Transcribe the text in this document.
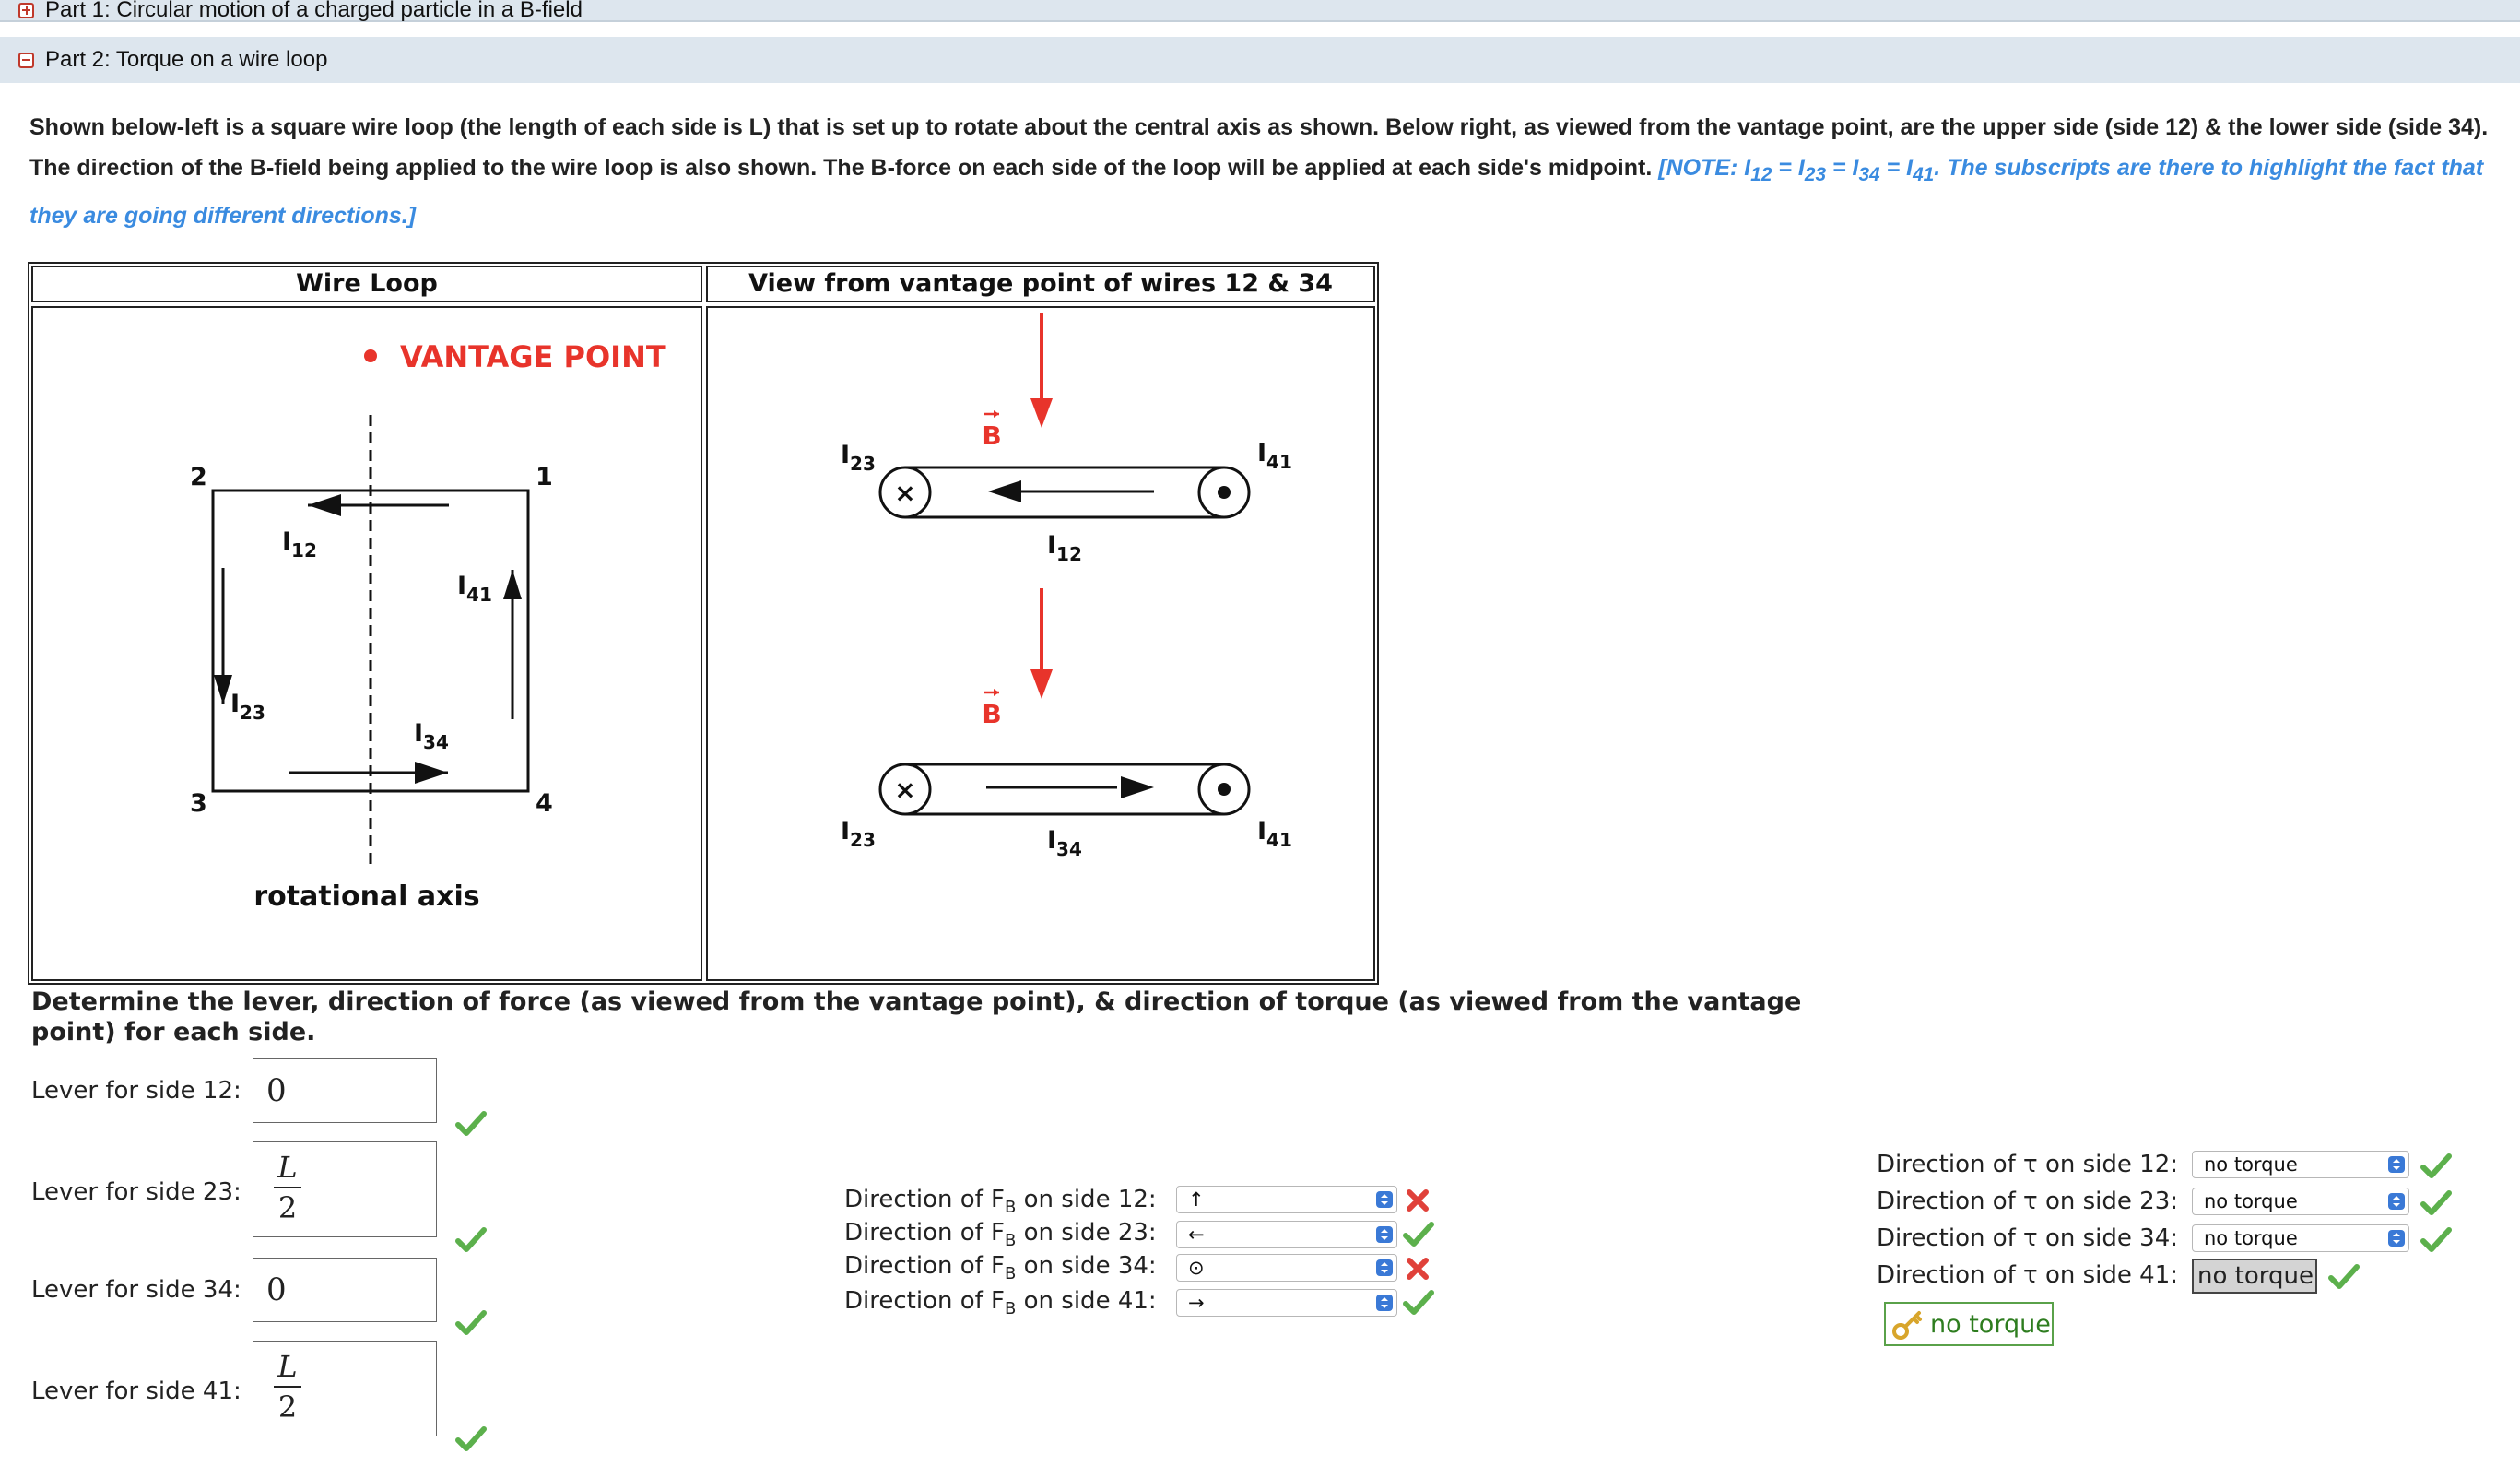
Part 1: Circular motion of a charged particle in a B-field
Part 2: Torque on a wire loop
Shown below-left is a square wire loop (the length of each side is L) that is set up to rotate about the central axis as shown. Below right, as viewed from the vantage point, are the upper side (side 12) & the lower side (side 34). The direction of the B-field being applied to the wire loop is also shown. The B-force on each side of the loop will be applied at each side's midpoint. [NOTE: $I_{12} = I_{23} = I_{34} = I_{41}$. The subscripts are there to highlight the fact that they are going different directions.]
Wire Loop	View from vantage point of wires 12 & 34
VANTAGE POINT
2	1
3	4
$I_{12}$
$I_{23}$
$I_{41}$
$I_{34}$
rotational axis
B
×
$I_{23}$	$I_{41}$
$I_{12}$
B
×
$I_{23}$	$I_{41}$
$I_{34}$
Determine the lever, direction of force (as viewed from the vantage point), & direction of torque (as viewed from the vantage point) for each side.
Lever for side 12: 0
Lever for side 23: $\frac{L}{2}$
Lever for side 34: 0
Lever for side 41: $\frac{L}{2}$
Direction of $F_B$ on side 12:	↑
Direction of $F_B$ on side 23:	←
Direction of $F_B$ on side 34:	⊙
Direction of $F_B$ on side 41:	→
Direction of τ on side 12:	no torque
Direction of τ on side 23:	no torque
Direction of τ on side 34:	no torque
Direction of τ on side 41: no torque
no torque
